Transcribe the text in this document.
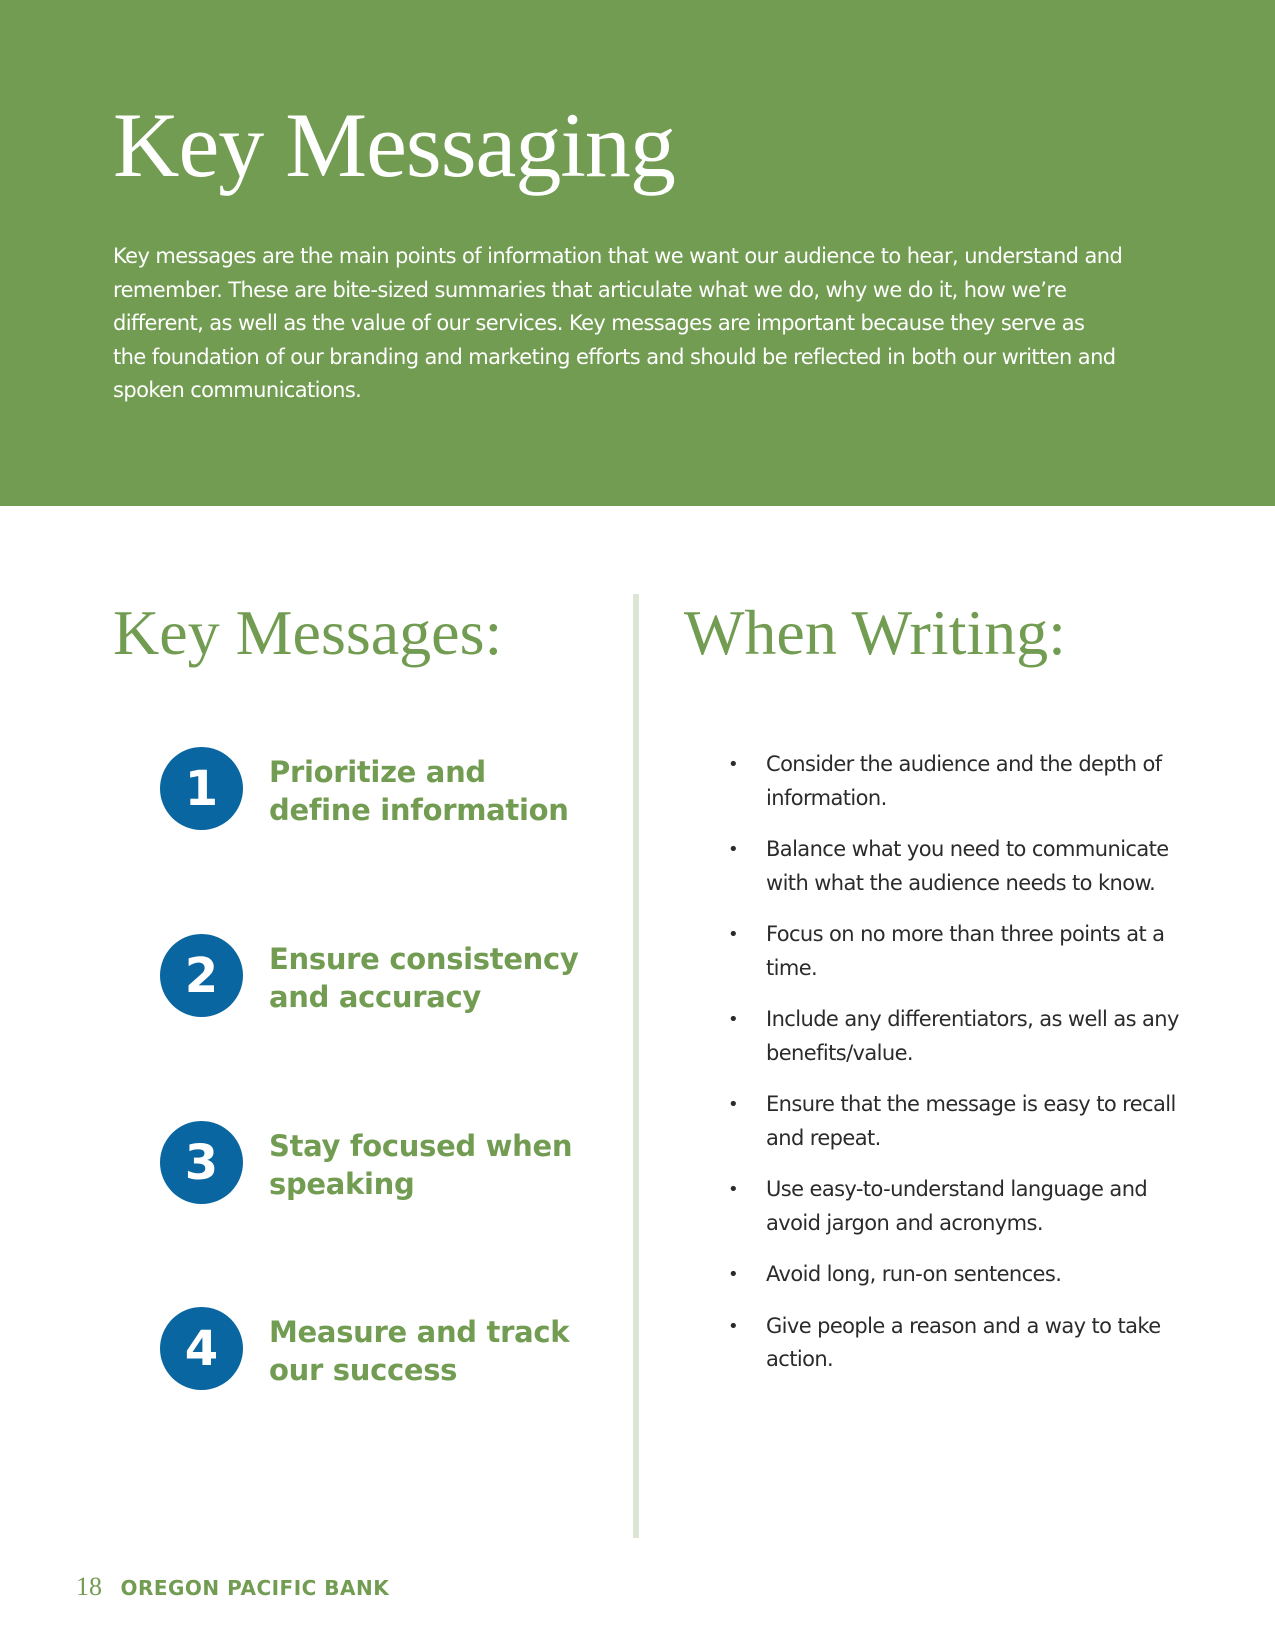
Key Messaging

Key messages are the main points of information that we want our audience to hear, understand and remember. These are bite-sized summaries that articulate what we do, why we do it, how we’re different, as well as the value of our services. Key messages are important because they serve as the foundation of our branding and marketing efforts and should be reflected in both our written and spoken communications.

Key Messages:
1	Prioritize and define information
2	Ensure consistency and accuracy
3	Stay focused when speaking
4	Measure and track our success
When Writing:
• Consider the audience and the depth of information.
• Balance what you need to communicate with what the audience needs to know.
• Focus on no more than three points at a time.
• Include any differentiators, as well as any benefits/value.
• Ensure that the message is easy to recall and repeat.
• Use easy-to-understand language and avoid jargon and acronyms.
• Avoid long, run-on sentences.
• Give people a reason and a way to take action.
18 OREGON PACIFIC BANK
